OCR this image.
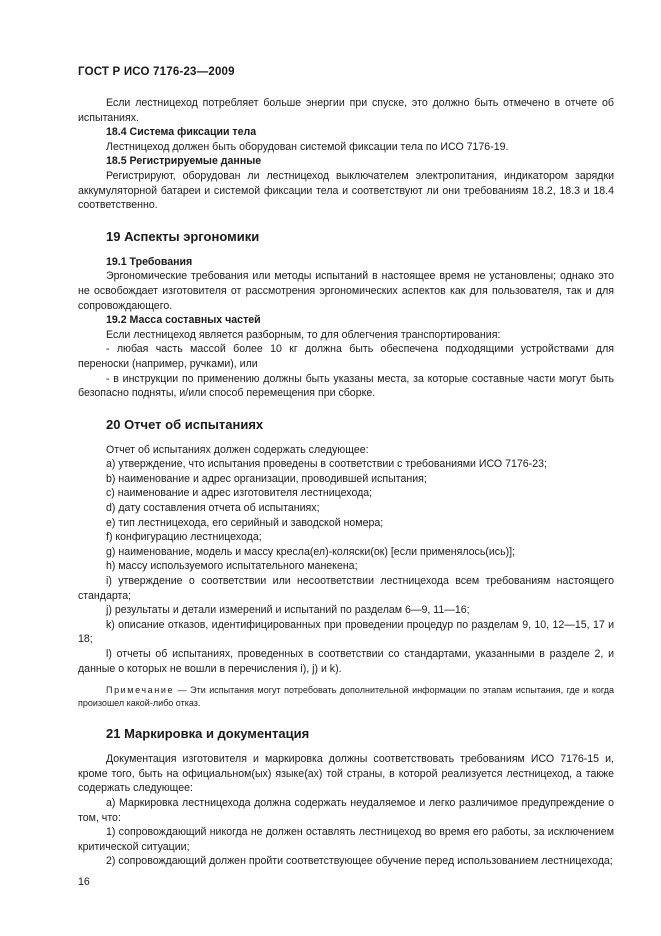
ГОСТ Р ИСО 7176-23—2009

Если лестницеход потребляет больше энергии при спуске, это должно быть отмечено в отчете об испытаниях.

18.4 Система фиксации тела

Лестницеход должен быть оборудован системой фиксации тела по ИСО 7176-19.

18.5 Регистрируемые данные

Регистрируют, оборудован ли лестницеход выключателем электропитания, индикатором зарядки аккумуляторной батареи и системой фиксации тела и соответствуют ли они требованиям 18.2, 18.3 и 18.4 соответственно.

19 Аспекты эргономики

19.1 Требования

Эргономические требования или методы испытаний в настоящее время не установлены; однако это не освобождает изготовителя от рассмотрения эргономических аспектов как для пользователя, так и для сопровождающего.

19.2 Масса составных частей

Если лестницеход является разборным, то для облегчения транспортирования:

- любая часть массой более 10 кг должна быть обеспечена подходящими устройствами для переноски (например, ручками), или

- в инструкции по применению должны быть указаны места, за которые составные части могут быть безопасно подняты, и/или способ перемещения при сборке.

20 Отчет об испытаниях

Отчет об испытаниях должен содержать следующее:

a) утверждение, что испытания проведены в соответствии с требованиями ИСО 7176-23;

b) наименование и адрес организации, проводившей испытания;

c) наименование и адрес изготовителя лестницехода;

d) дату составления отчета об испытаниях;

e) тип лестницехода, его серийный и заводской номера;

f) конфигурацию лестницехода;

g) наименование, модель и массу кресла(ел)-коляски(ок) [если применялось(ись)];

h) массу используемого испытательного манекена;

i) утверждение о соответствии или несоответствии лестницехода всем требованиям настоящего стандарта;

j) результаты и детали измерений и испытаний по разделам 6—9, 11—16;

k) описание отказов, идентифицированных при проведении процедур по разделам 9, 10, 12—15, 17 и 18;

l) отчеты об испытаниях, проведенных в соответствии со стандартами, указанными в разделе 2, и данные о которых не вошли в перечисления i), j) и k).

Примечание — Эти испытания могут потребовать дополнительной информации по этапам испытания, где и когда произошел какой-либо отказ.
21 Маркировка и документация

Документация изготовителя и маркировка должны соответствовать требованиям ИСО 7176-15 и, кроме того, быть на официальном(ых) языке(ах) той страны, в которой реализуется лестницеход, а также содержать следующее:

a) Маркировка лестницехода должна содержать неудаляемое и легко различимое предупреждение о том, что:

1) сопровождающий никогда не должен оставлять лестницеход во время его работы, за исключением критической ситуации;

2) сопровождающий должен пройти соответствующее обучение перед использованием лестницехода;

16
